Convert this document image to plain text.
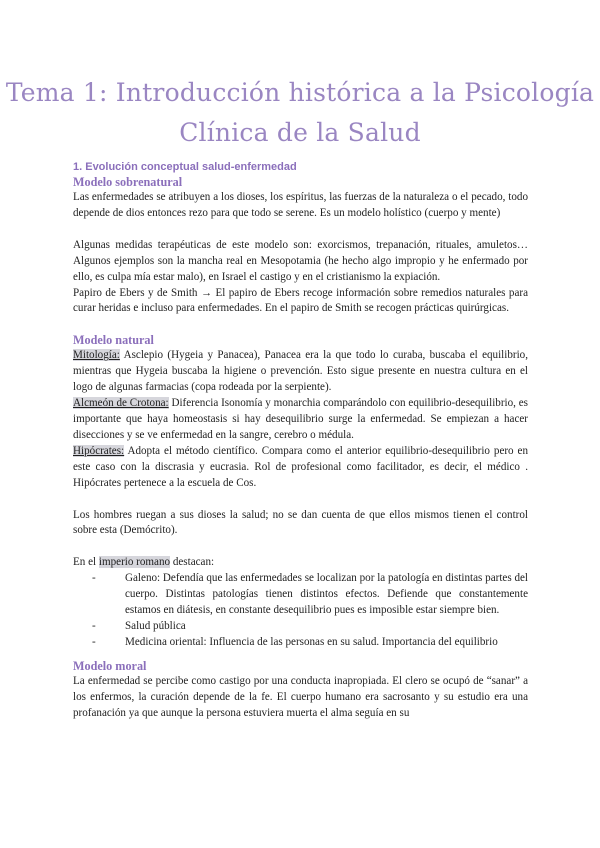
Tema 1: Introducción histórica a la Psicología
Clínica de la Salud
1. Evolución conceptual salud-enfermedad
Modelo sobrenatural

Las enfermedades se atribuyen a los dioses, los espíritus, las fuerzas de la naturaleza o el pecado, todo depende de dios entonces rezo para que todo se serene. Es un modelo holístico (cuerpo y mente)

Algunas medidas terapéuticas de este modelo son: exorcismos, trepanación, rituales, amuletos… Algunos ejemplos son la mancha real en Mesopotamia (he hecho algo impropio y he enfermado por ello, es culpa mía estar malo), en Israel el castigo y en el cristianismo la expiación.

Papiro de Ebers y de Smith → El papiro de Ebers recoge información sobre remedios naturales para curar heridas e incluso para enfermedades. En el papiro de Smith se recogen prácticas quirúrgicas.

Modelo natural

Mitología: Asclepio (Hygeia y Panacea), Panacea era la que todo lo curaba, buscaba el equilibrio, mientras que Hygeia buscaba la higiene o prevención. Esto sigue presente en nuestra cultura en el logo de algunas farmacias (copa rodeada por la serpiente).

Alcmeón de Crotona: Diferencia Isonomía y monarchia comparándolo con equilibrio-desequilibrio, es importante que haya homeostasis si hay desequilibrio surge la enfermedad. Se empiezan a hacer disecciones y se ve enfermedad en la sangre, cerebro o médula.

Hipócrates: Adopta el método científico. Compara como el anterior equilibrio-desequilibrio pero en este caso con la discrasia y eucrasia. Rol de profesional como facilitador, es decir, el médico . Hipócrates pertenece a la escuela de Cos.

Los hombres ruegan a sus dioses la salud; no se dan cuenta de que ellos mismos tienen el control sobre esta (Demócrito).

En el imperio romano destacan:

- Galeno: Defendía que las enfermedades se localizan por la patología en distintas partes del cuerpo. Distintas patologías tienen distintos efectos. Defiende que constantemente estamos en diátesis, en constante desequilibrio pues es imposible estar siempre bien.
- Salud pública
- Medicina oriental: Influencia de las personas en su salud. Importancia del equilibrio
Modelo moral

La enfermedad se percibe como castigo por una conducta inapropiada. El clero se ocupó de “sanar” a los enfermos, la curación depende de la fe. El cuerpo humano era sacrosanto y su estudio era una profanación ya que aunque la persona estuviera muerta el alma seguía en su
